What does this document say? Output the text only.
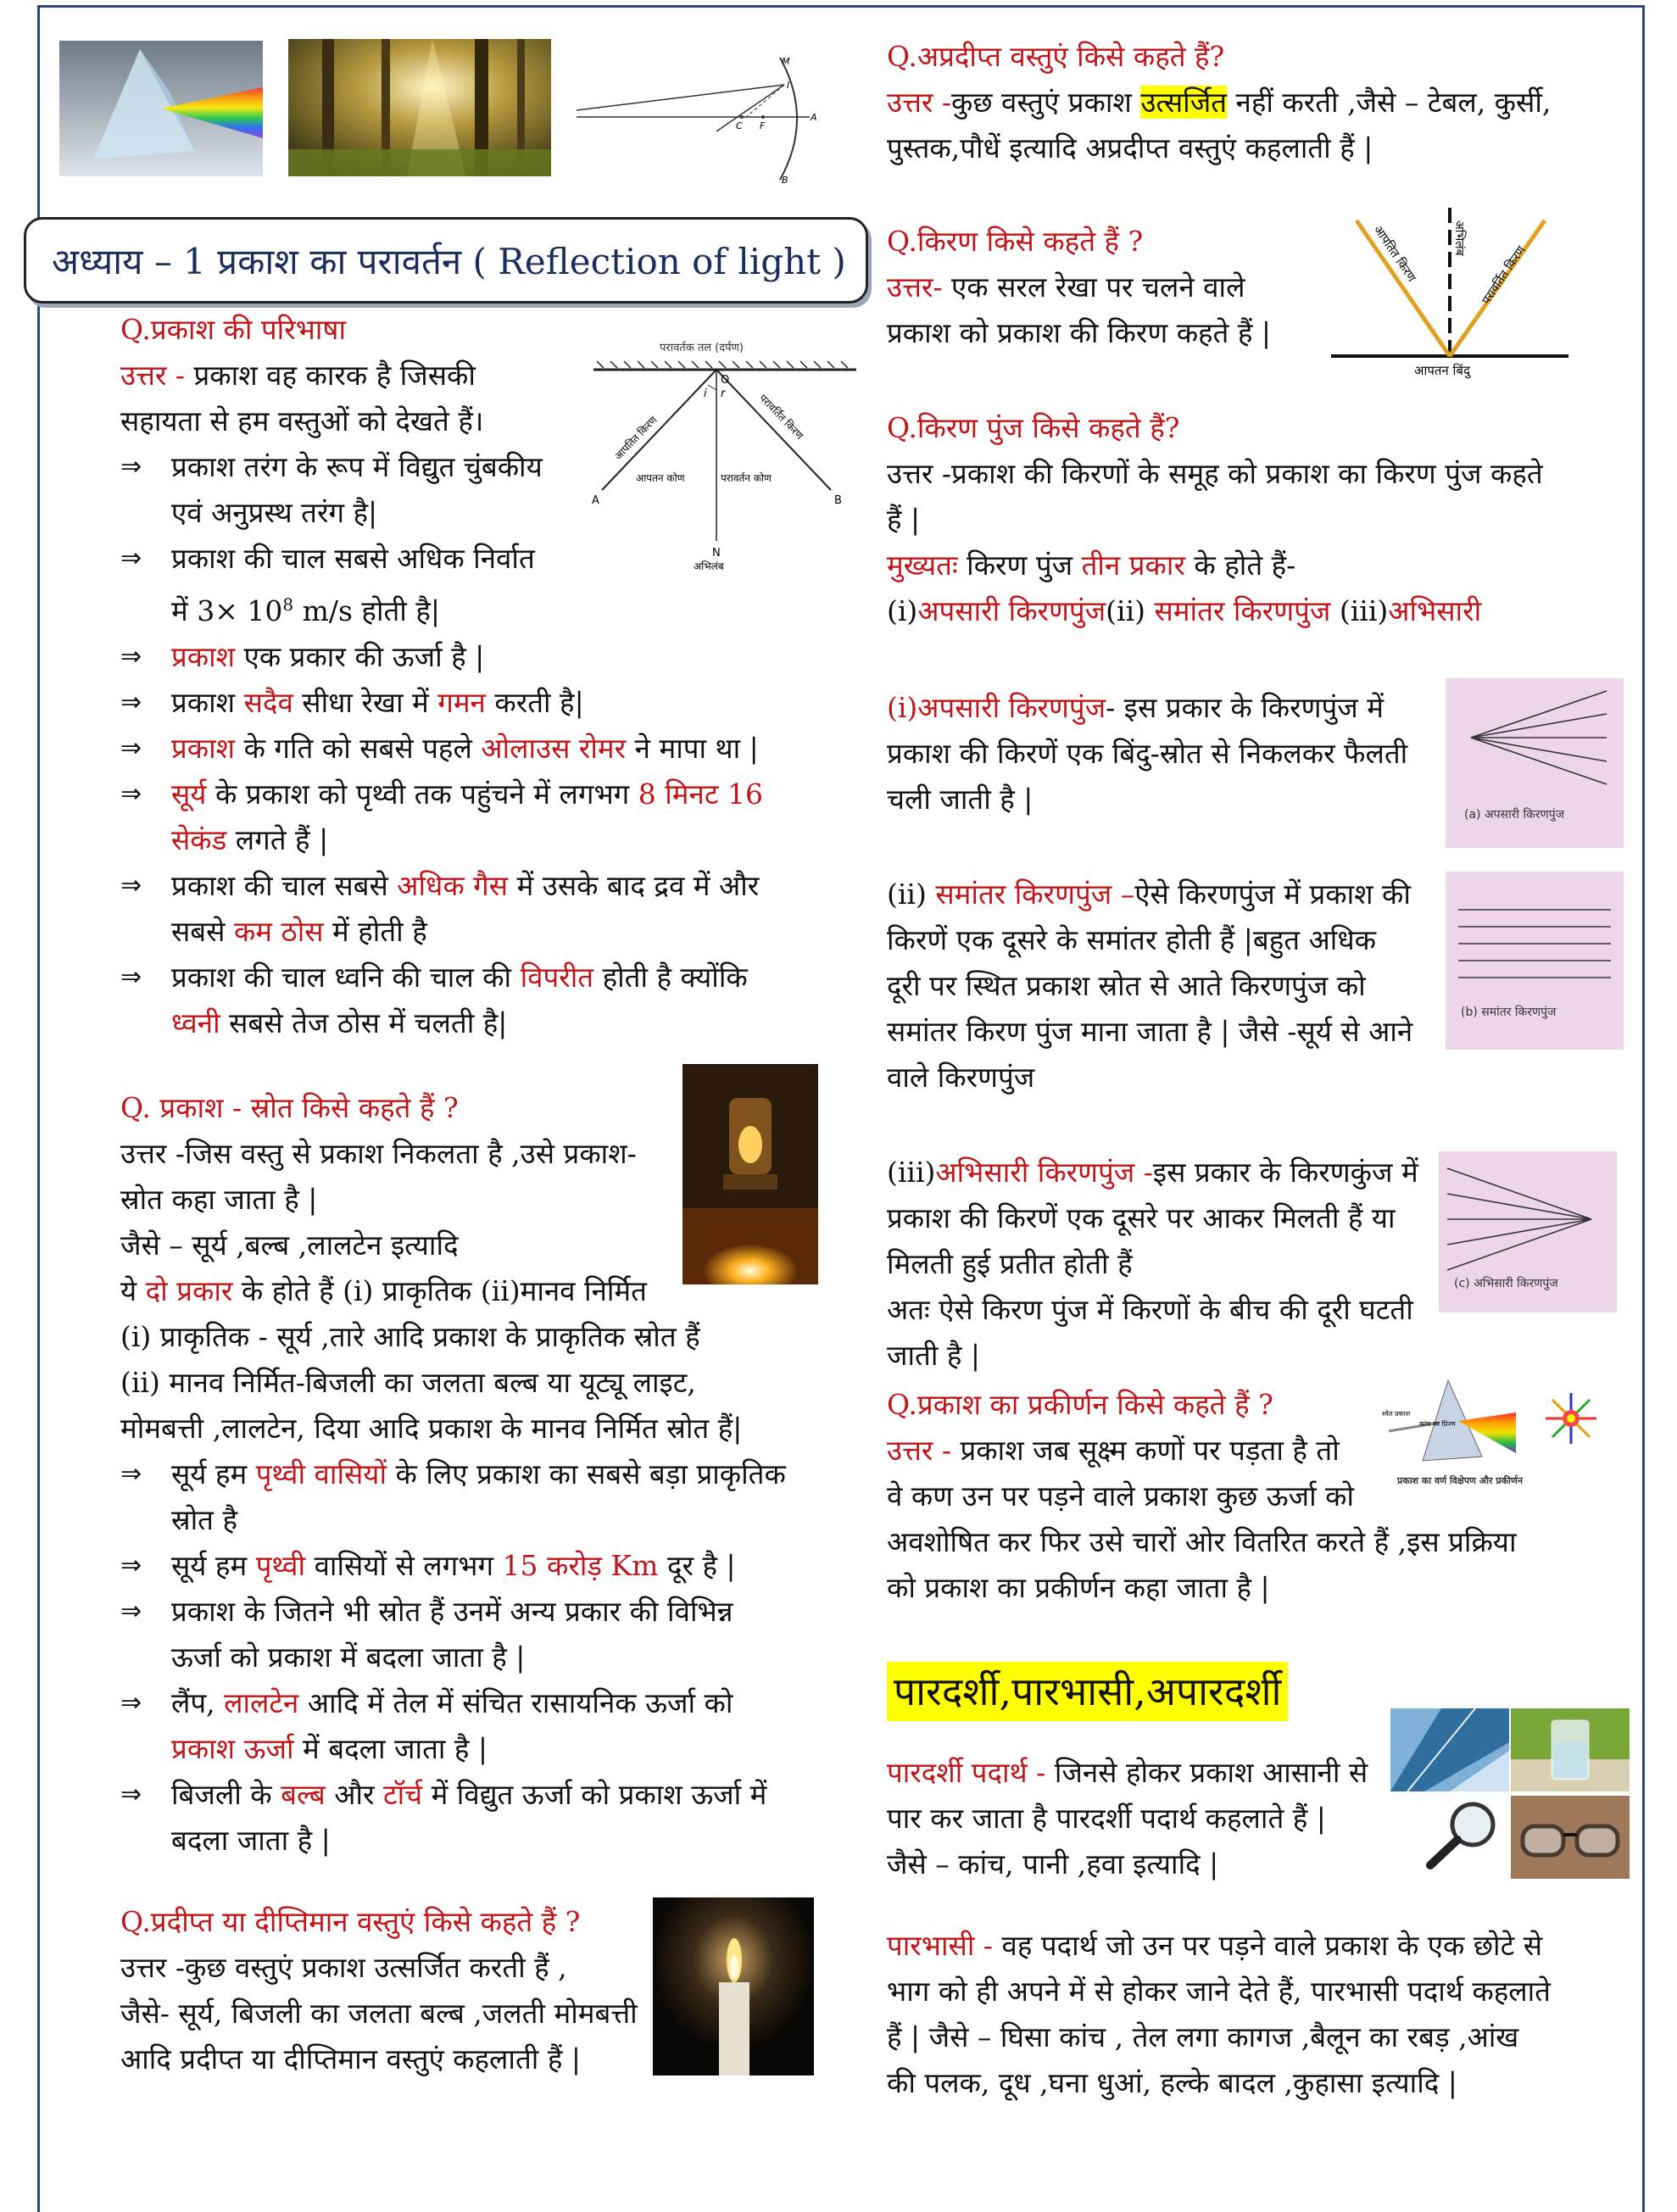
M
I
A
B
C F
अध्याय – 1 प्रकाश का परावर्तन ( Reflection of light )
परावर्तक तल (दर्पण)
A	B
O
N
i r
आपतित किरण	परावर्तित किरण
आपतन कोण	परावर्तन कोण
अभिलंब
आपतित किरण	अभिलंब
परावर्तित किरण
आपतन बिंदु
(a) अपसारी किरणपुंज
(b) समांतर किरणपुंज
(c) अभिसारी किरणपुंज
श्वेत प्रकाश
कांच का प्रिज्म
प्रकाश का वर्ण विक्षेपण और प्रकीर्णन

Q.प्रकाश की परिभाषा

उत्तर - प्रकाश वह कारक है जिसकी

सहायता से हम वस्तुओं को देखते हैं।

⇒ प्रकाश तरंग के रूप में विद्युत चुंबकीय

एवं अनुप्रस्थ तरंग है|

⇒ प्रकाश की चाल सबसे अधिक निर्वात

में $3\times 10^8$ m/s होती है|

⇒ प्रकाश एक प्रकार की ऊर्जा है |

⇒ प्रकाश सदैव सीधा रेखा में गमन करती है|

⇒ प्रकाश के गति को सबसे पहले ओलाउस रोमर ने मापा था |

⇒ सूर्य के प्रकाश को पृथ्वी तक पहुंचने में लगभग 8 मिनट 16

सेकंड लगते हैं |

⇒ प्रकाश की चाल सबसे अधिक गैस में उसके बाद द्रव में और

सबसे कम ठोस में होती है

⇒ प्रकाश की चाल ध्वनि की चाल की विपरीत होती है क्योंकि

ध्वनी सबसे तेज ठोस में चलती है|

Q. प्रकाश - स्रोत किसे कहते हैं ?

उत्तर -जिस वस्तु से प्रकाश निकलता है ,उसे प्रकाश-

स्रोत कहा जाता है |

जैसे – सूर्य ,बल्ब ,लालटेन इत्यादि

ये दो प्रकार के होते हैं (i) प्राकृतिक (ii)मानव निर्मित

(i) प्राकृतिक - सूर्य ,तारे आदि प्रकाश के प्राकृतिक स्रोत हैं

(ii) मानव निर्मित-बिजली का जलता बल्ब या यूट्यू लाइट,

मोमबत्ती ,लालटेन, दिया आदि प्रकाश के मानव निर्मित स्रोत हैं|

⇒ सूर्य हम पृथ्वी वासियों के लिए प्रकाश का सबसे बड़ा प्राकृतिक

स्रोत है

⇒ सूर्य हम पृथ्वी वासियों से लगभग 15 करोड़ Km दूर है |

⇒ प्रकाश के जितने भी स्रोत हैं उनमें अन्य प्रकार की विभिन्न

ऊर्जा को प्रकाश में बदला जाता है |

⇒ लैंप, लालटेन आदि में तेल में संचित रासायनिक ऊर्जा को

प्रकाश ऊर्जा में बदला जाता है |

⇒ बिजली के बल्ब और टॉर्च में विद्युत ऊर्जा को प्रकाश ऊर्जा में

बदला जाता है |

Q.प्रदीप्त या दीप्तिमान वस्तुएं किसे कहते हैं ?

उत्तर -कुछ वस्तुएं प्रकाश उत्सर्जित करती हैं ,

जैसे- सूर्य, बिजली का जलता बल्ब ,जलती मोमबत्ती

आदि प्रदीप्त या दीप्तिमान वस्तुएं कहलाती हैं |

Q.अप्रदीप्त वस्तुएं किसे कहते हैं?

उत्तर -कुछ वस्तुएं प्रकाश उत्सर्जित नहीं करती ,जैसे – टेबल, कुर्सी,

पुस्तक,पौधें इत्यादि अप्रदीप्त वस्तुएं कहलाती हैं |

Q.किरण किसे कहते हैं ?

उत्तर- एक सरल रेखा पर चलने वाले

प्रकाश को प्रकाश की किरण कहते हैं |

Q.किरण पुंज किसे कहते हैं?

उत्तर -प्रकाश की किरणों के समूह को प्रकाश का किरण पुंज कहते

हैं |

मुख्यतः किरण पुंज तीन प्रकार के होते हैं-

(i)अपसारी किरणपुंज(ii) समांतर किरणपुंज (iii)अभिसारी

(i)अपसारी किरणपुंज- इस प्रकार के किरणपुंज में

प्रकाश की किरणें एक बिंदु-स्रोत से निकलकर फैलती

चली जाती है |

(ii) समांतर किरणपुंज –ऐसे किरणपुंज में प्रकाश की

किरणें एक दूसरे के समांतर होती हैं |बहुत अधिक

दूरी पर स्थित प्रकाश स्रोत से आते किरणपुंज को

समांतर किरण पुंज माना जाता है | जैसे -सूर्य से आने

वाले किरणपुंज

(iii)अभिसारी किरणपुंज -इस प्रकार के किरणकुंज में

प्रकाश की किरणें एक दूसरे पर आकर मिलती हैं या

मिलती हुई प्रतीत होती हैं

अतः ऐसे किरण पुंज में किरणों के बीच की दूरी घटती

जाती है |

Q.प्रकाश का प्रकीर्णन किसे कहते हैं ?

उत्तर - प्रकाश जब सूक्ष्म कणों पर पड़ता है तो

वे कण उन पर पड़ने वाले प्रकाश कुछ ऊर्जा को

अवशोषित कर फिर उसे चारों ओर वितरित करते हैं ,इस प्रक्रिया

को प्रकाश का प्रकीर्णन कहा जाता है |

पारदर्शी,पारभासी,अपारदर्शी

पारदर्शी पदार्थ - जिनसे होकर प्रकाश आसानी से

पार कर जाता है पारदर्शी पदार्थ कहलाते हैं |

जैसे – कांच, पानी ,हवा इत्यादि |

पारभासी - वह पदार्थ जो उन पर पड़ने वाले प्रकाश के एक छोटे से

भाग को ही अपने में से होकर जाने देते हैं, पारभासी पदार्थ कहलाते

हैं | जैसे – घिसा कांच , तेल लगा कागज ,बैलून का रबड़ ,आंख

की पलक, दूध ,घना धुआं, हल्के बादल ,कुहासा इत्यादि |
